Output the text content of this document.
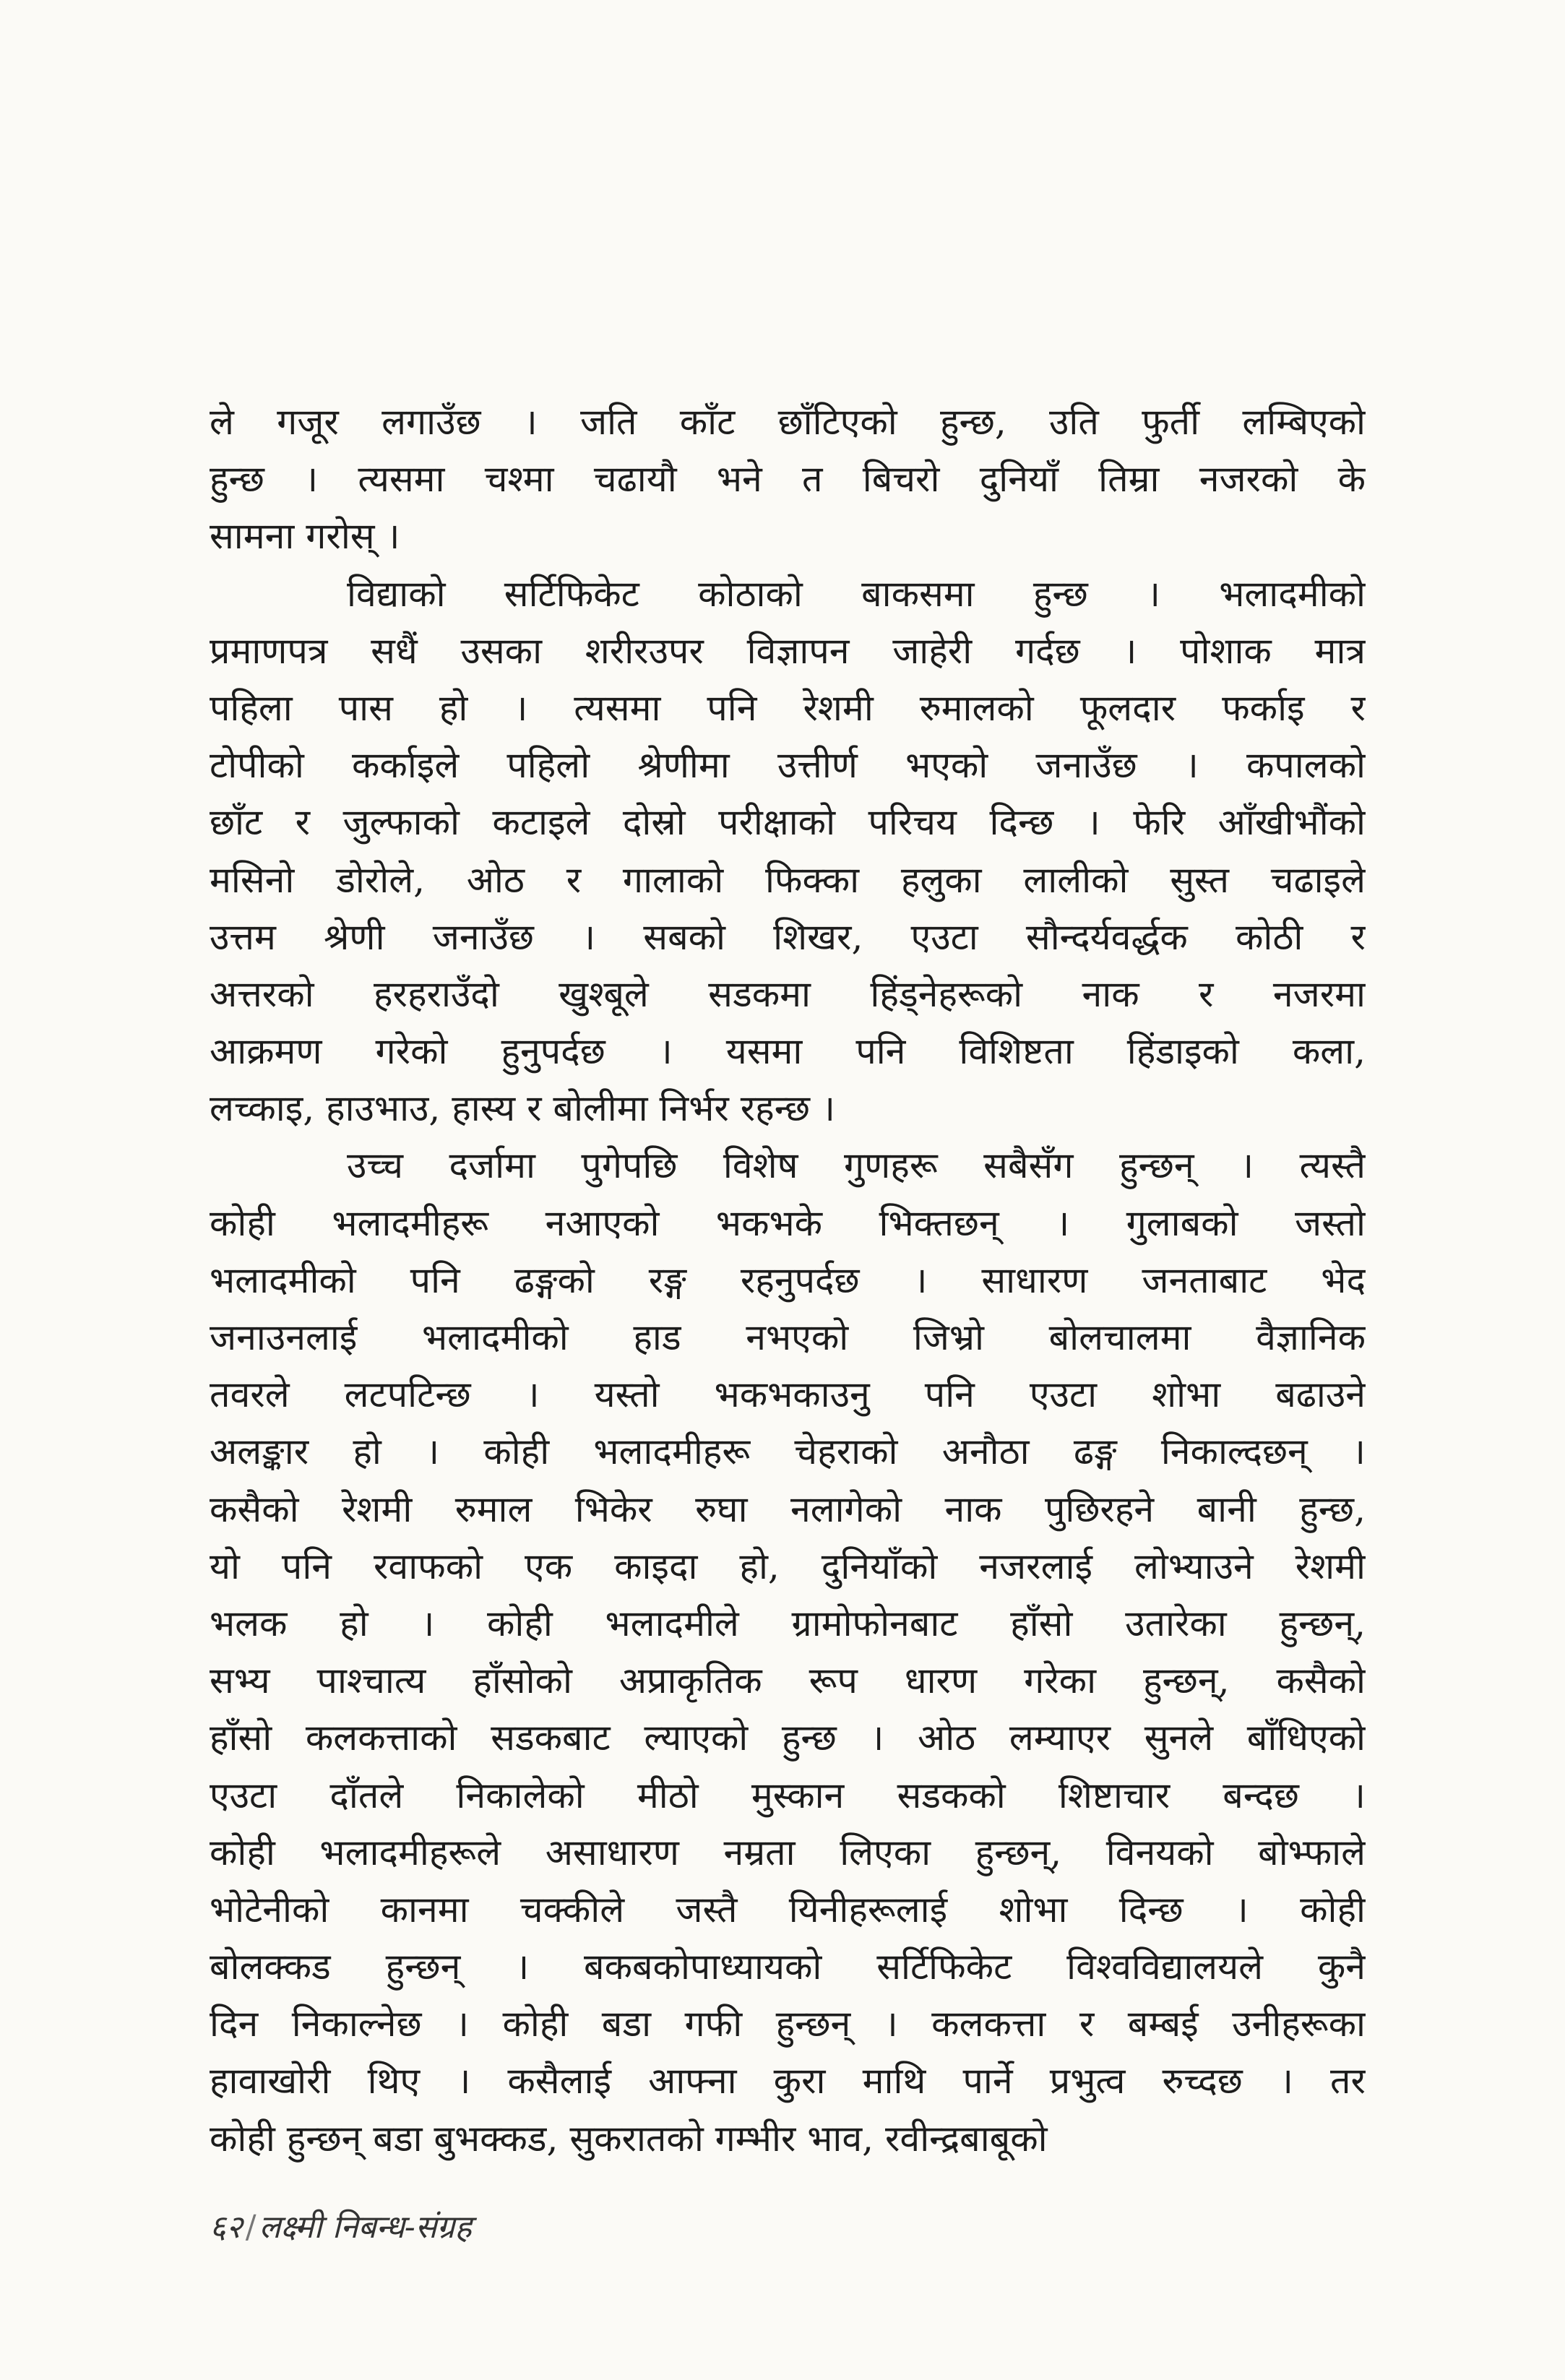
ले गजूर लगाउँछ । जति काँट छाँटिएको हुन्छ, उति फुर्ती लम्बिएको
हुन्छ । त्यसमा चश्मा चढायौ भने त बिचरो दुनियाँ तिम्रा नजरको के
सामना गरोस् ।
विद्याको सर्टिफिकेट कोठाको बाकसमा हुन्छ । भलादमीको
प्रमाणपत्र सधैं उसका शरीरउपर विज्ञापन जाहेरी गर्दछ । पोशाक मात्र
पहिला पास हो । त्यसमा पनि रेशमी रुमालको फूलदार फर्काइ र
टोपीको कर्काइले पहिलो श्रेणीमा उत्तीर्ण भएको जनाउँछ । कपालको
छाँट र जुल्फाको कटाइले दोस्रो परीक्षाको परिचय दिन्छ । फेरि आँखीभौंको
मसिनो डोरोले, ओठ र गालाको फिक्का हलुका लालीको सुस्त चढाइले
उत्तम श्रेणी जनाउँछ । सबको शिखर, एउटा सौन्दर्यवर्द्धक कोठी र
अत्तरको हरहराउँदो खुश्बूले सडकमा हिंड्नेहरूको नाक र नजरमा
आक्रमण गरेको हुनुपर्दछ । यसमा पनि विशिष्टता हिंडाइको कला,
लच्काइ, हाउभाउ, हास्य र बोलीमा निर्भर रहन्छ ।
उच्च दर्जामा पुगेपछि विशेष गुणहरू सबैसँग हुन्छन् । त्यस्तै
कोही भलादमीहरू नआएको भकभके भिक्तछन् । गुलाबको जस्तो
भलादमीको पनि ढङ्गको रङ्ग रहनुपर्दछ । साधारण जनताबाट भेद
जनाउनलाई भलादमीको हाड नभएको जिभ्रो बोलचालमा वैज्ञानिक
तवरले लटपटिन्छ । यस्तो भकभकाउनु पनि एउटा शोभा बढाउने
अलङ्कार हो । कोही भलादमीहरू चेहराको अनौठा ढङ्ग निकाल्दछन् ।
कसैको रेशमी रुमाल भिकेर रुघा नलागेको नाक पुछिरहने बानी हुन्छ,
यो पनि रवाफको एक काइदा हो, दुनियाँको नजरलाई लोभ्याउने रेशमी
भलक हो । कोही भलादमीले ग्रामोफोनबाट हाँसो उतारेका हुन्छन्,
सभ्य पाश्चात्य हाँसोको अप्राकृतिक रूप धारण गरेका हुन्छन्, कसैको
हाँसो कलकत्ताको सडकबाट ल्याएको हुन्छ । ओठ लम्याएर सुनले बाँधिएको
एउटा दाँतले निकालेको मीठो मुस्कान सडकको शिष्टाचार बन्दछ ।
कोही भलादमीहरूले असाधारण नम्रता लिएका हुन्छन्, विनयको बोभ्फाले
भोटेनीको कानमा चक्कीले जस्तै यिनीहरूलाई शोभा दिन्छ । कोही
बोलक्कड हुन्छन् । बकबकोपाध्यायको सर्टिफिकेट विश्वविद्यालयले कुनै
दिन निकाल्नेछ । कोही बडा गफी हुन्छन् । कलकत्ता र बम्बई उनीहरूका
हावाखोरी थिए । कसैलाई आफ्ना कुरा माथि पार्ने प्रभुत्व रुच्दछ । तर
कोही हुन्छन् बडा बुभक्कड, सुकरातको गम्भीर भाव, रवीन्द्रबाबूको
६२/लक्ष्मी निबन्ध-संग्रह
